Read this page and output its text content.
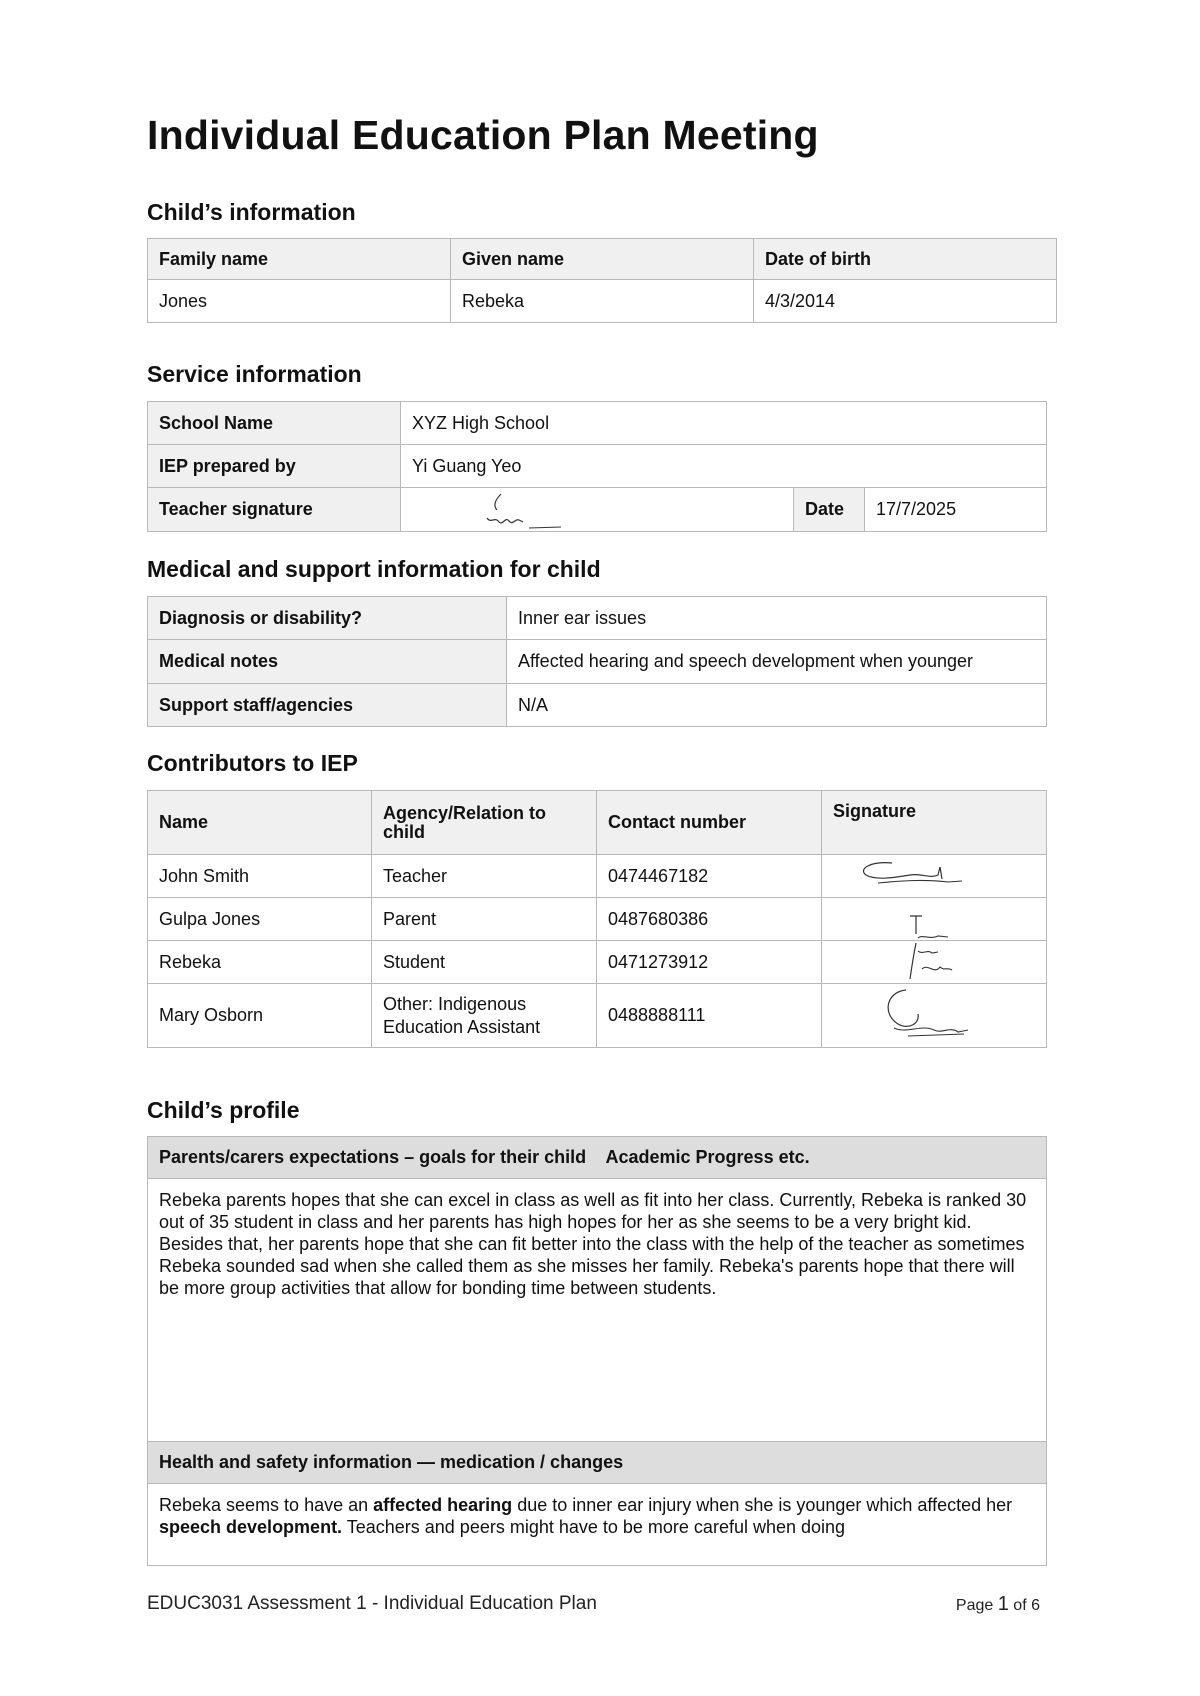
Individual Education Plan Meeting
Child’s information
Family name	Given name	Date of birth
Jones	Rebeka	4/3/2014
Service information
School Name	XYZ High School		
IEP prepared by	Yi Guang Yeo		
Teacher signature		Date	17/7/2025
Medical and support information for child
Diagnosis or disability?	Inner ear issues
Medical notes	Affected hearing and speech development when younger
Support staff/agencies	N/A
Contributors to IEP
Name	Agency/Relation to child	Contact number	Signature
John Smith	Teacher	0474467182	

Gulpa Jones	Parent	0487680386	

Rebeka	Student	0471273912	

Mary Osborn	Other: Indigenous Education Assistant	0488888111	
Child’s profile
Parents/carers expectations – goals for their child    Academic Progress etc.
Rebeka parents hopes that she can excel in class as well as fit into her class. Currently, Rebeka is ranked 30 out of 35 student in class and her parents has high hopes for her as she seems to be a very bright kid. Besides that, her parents hope that she can fit better into the class with the help of the teacher as sometimes Rebeka sounded sad when she called them as she misses her family. Rebeka's parents hope that there will be more group activities that allow for bonding time between students.
Health and safety information — medication / changes
Rebeka seems to have an affected hearing due to inner ear injury when she is younger which affected her speech development. Teachers and peers might have to be more careful when doing
EDUC3031 Assessment 1 - Individual Education Plan	Page 1 of 6
